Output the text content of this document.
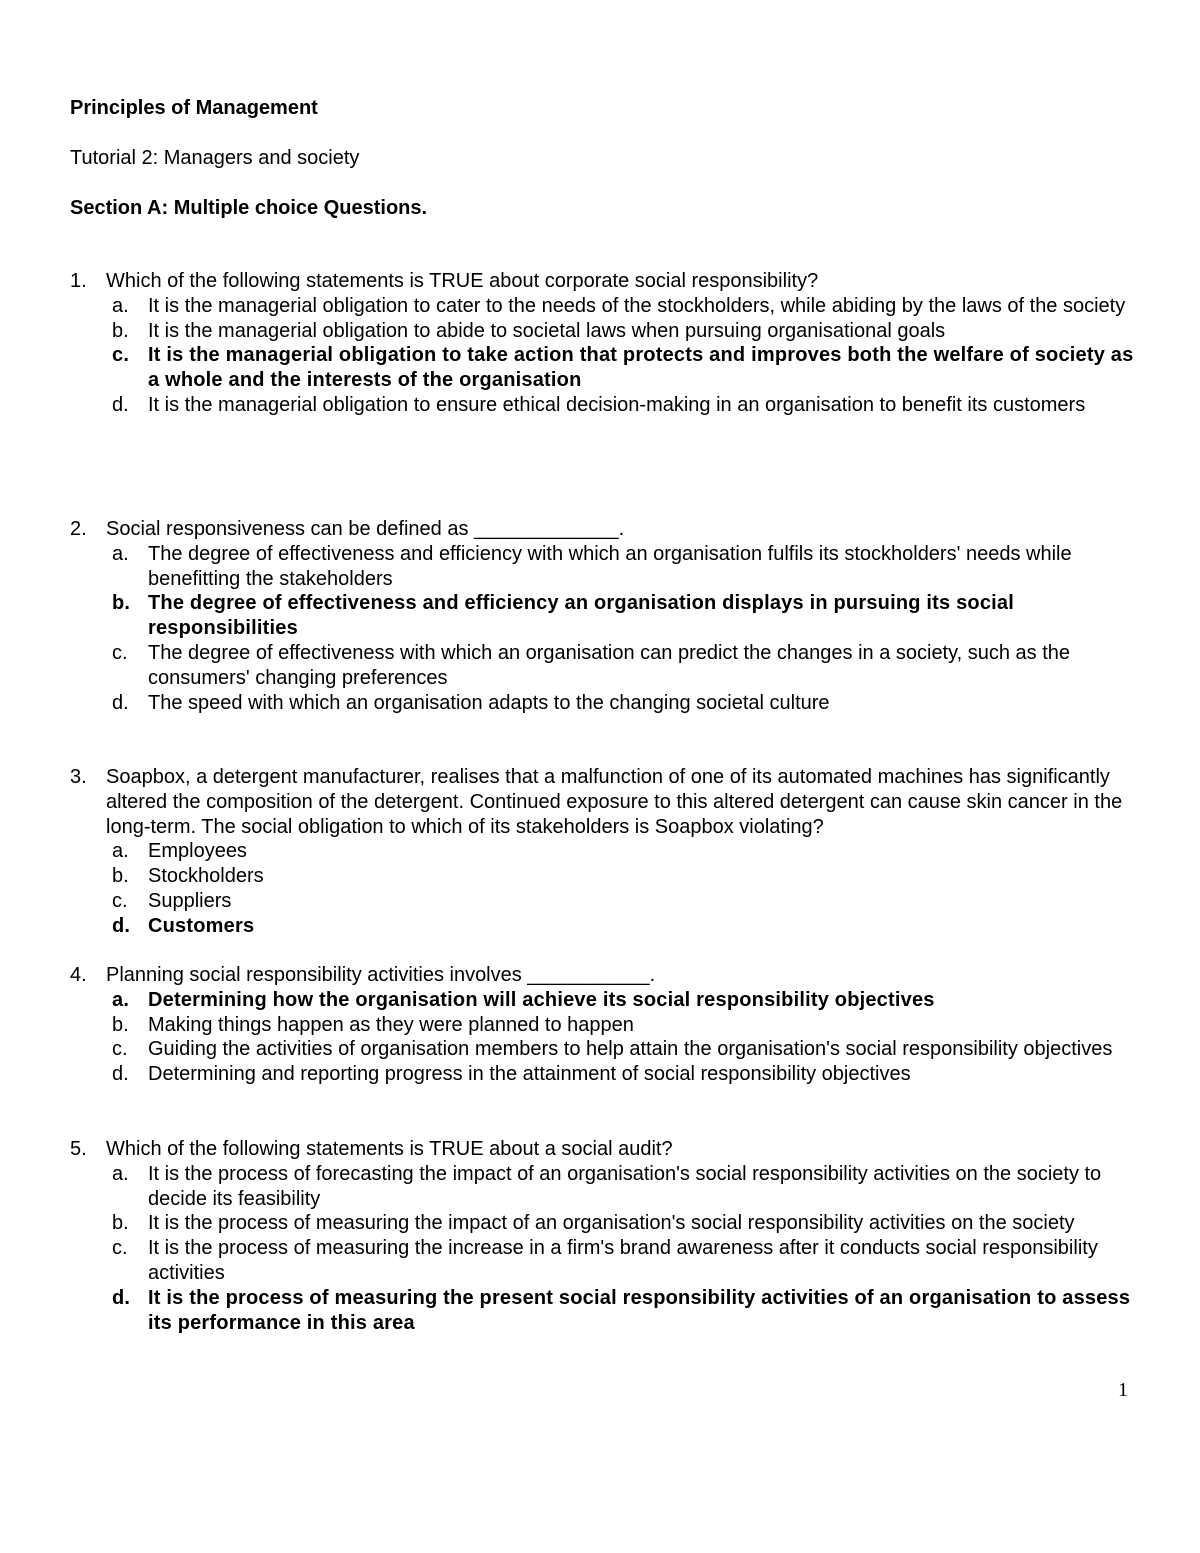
Principles of Management
Tutorial 2: Managers and society
Section A: Multiple choice Questions.
1. Which of the following statements is TRUE about corporate social responsibility?
a. It is the managerial obligation to cater to the needs of the stockholders, while abiding by the laws of the society
b. It is the managerial obligation to abide to societal laws when pursuing organisational goals
c. It is the managerial obligation to take action that protects and improves both the welfare of society as a whole and the interests of the organisation
d. It is the managerial obligation to ensure ethical decision-making in an organisation to benefit its customers
2. Social responsiveness can be defined as _____________.
a. The degree of effectiveness and efficiency with which an organisation fulfils its stockholders' needs while benefitting the stakeholders
b. The degree of effectiveness and efficiency an organisation displays in pursuing its social responsibilities
c.	The degree of effectiveness with which an organisation can predict the changes in a society, such as the consumers' changing preferences
d. The speed with which an organisation adapts to the changing societal culture
3. Soapbox, a detergent manufacturer, realises that a malfunction of one of its automated machines has significantly altered the composition of the detergent. Continued exposure to this altered detergent can cause skin cancer in the long-term. The social obligation to which of its stakeholders is Soapbox violating?
a. Employees
b. Stockholders
c.	Suppliers
d. Customers
4. Planning social responsibility activities involves ___________.
a. Determining how the organisation will achieve its social responsibility objectives
b. Making things happen as they were planned to happen
c.	Guiding the activities of organisation members to help attain the organisation's social responsibility objectives
d. Determining and reporting progress in the attainment of social responsibility objectives
5. Which of the following statements is TRUE about a social audit?
a. It is the process of forecasting the impact of an organisation's social responsibility activities on the society to decide its feasibility
b. It is the process of measuring the impact of an organisation's social responsibility activities on the society
c.	It is the process of measuring the increase in a firm's brand awareness after it conducts social responsibility activities
d. It is the process of measuring the present social responsibility activities of an organisation to assess its performance in this area
1
